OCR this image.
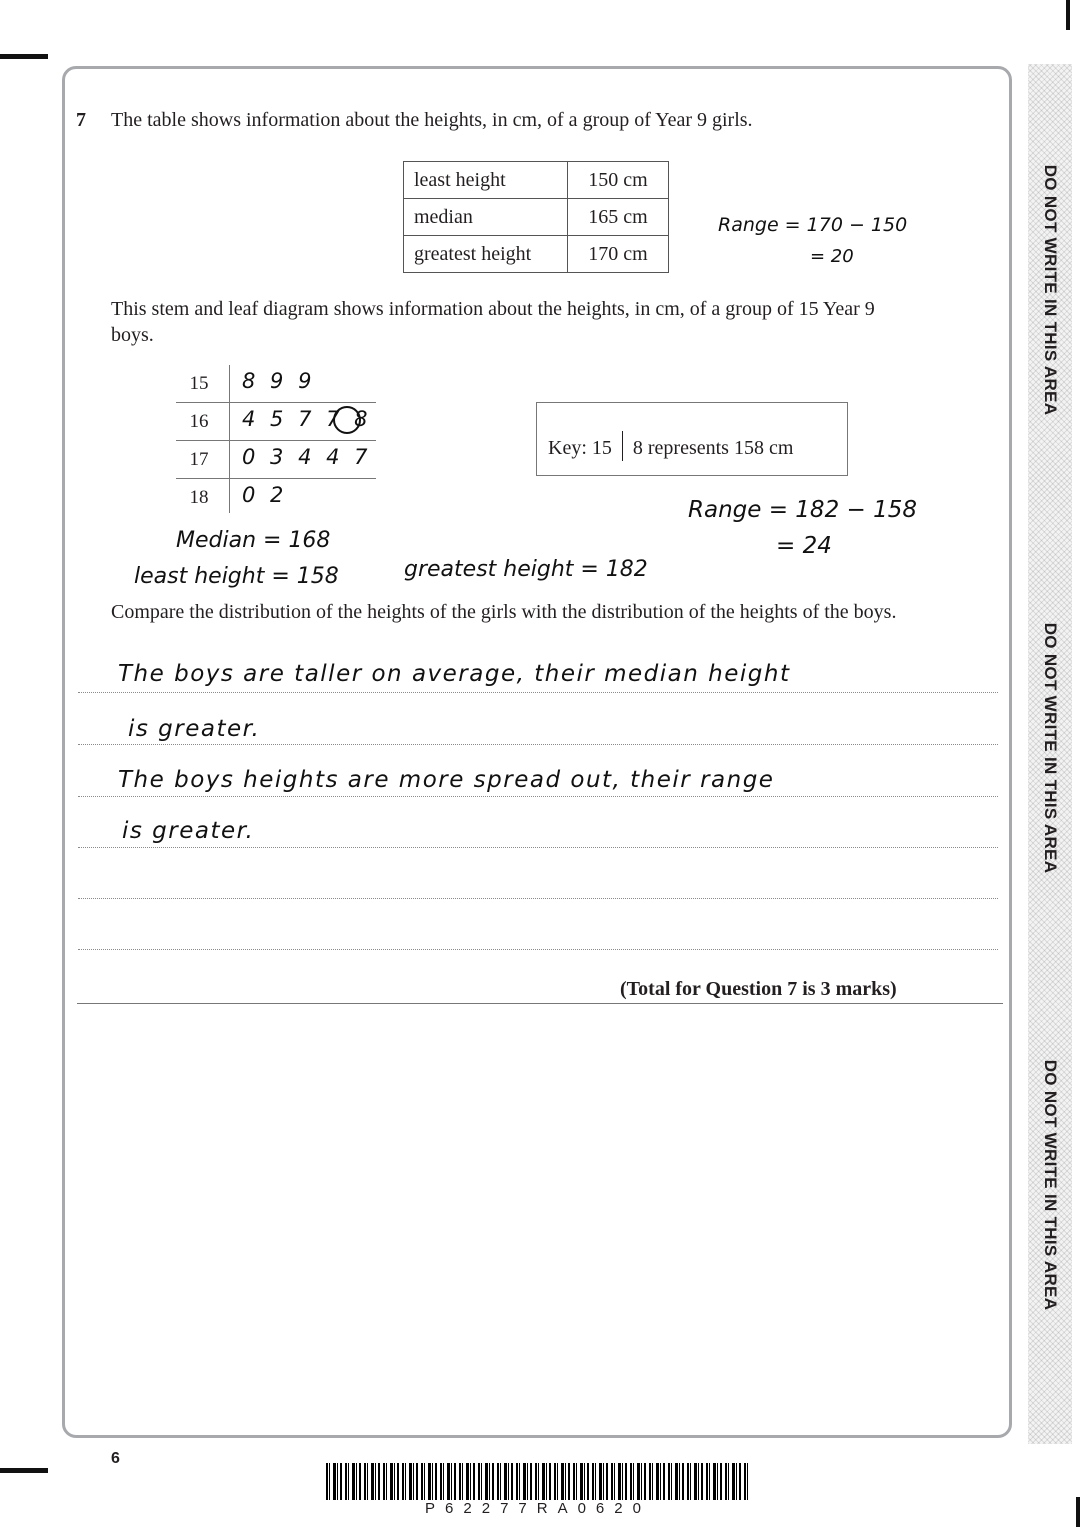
DO NOT WRITE IN THIS AREA
DO NOT WRITE IN THIS AREA
DO NOT WRITE IN THIS AREA
7 The table shows information about the heights, in cm, of a group of Year 9 girls.
least height	150 cm
median	165 cm
greatest height	170 cm
Range = 170 − 150
= 20
This stem and leaf diagram shows information about the heights, in cm, of a group of 15 Year 9 boys.
15	8 9 9
16	4 5 7 7 8
17	0 3 4 4 7
18	0 2
Key: 15 8 represents 158 cm
Range = 182 − 158
= 24
Median = 168
least height = 158	greatest height = 182
Compare the distribution of the heights of the girls with the distribution of the heights of the boys.
The boys are taller on average, their median height
is greater.
The boys heights are more spread out, their range
is greater.
(Total for Question 7 is 3 marks)
6
P62277RA0620
